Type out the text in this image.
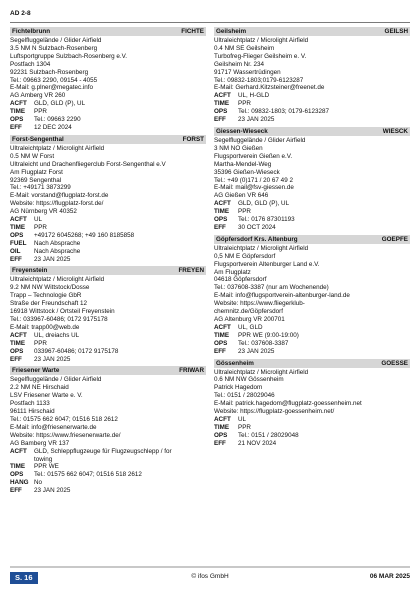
AD 2-8
Fichtelbrunn	FICHTE
Segelfluggelände / Glider Airfield
3.5 NM N Sulzbach-Rosenberg
Luftsportgruppe Sulzbach-Rosenberg e.V.
Postfach 1304
92231 Sulzbach-Rosenberg
Tel.: 09663 2290, 09154 - 4055
E-Mail: g.plner@megatec.info
AG Amberg VR 260
ACFT	GLD, GLD (P), UL
TIME	PPR
OPS	Tel.: 09663 2290
EFF	12 DEC 2024
Forst-Sengenthal	FORST
Ultraleichtplatz / Microlight Airfield
0.5 NM W Forst
Ultraleicht und Drachenfliegerclub Forst-Sengenthal e.V
Am Flugplatz Forst
92369 Sengenthal
Tel.: +49171 3873299
E-Mail: vorstand@flugplatz-forst.de
Website: https://flugplatz-forst.de/
AG Nürnberg VR 40352
ACFT	UL
TIME	PPR
OPS	+49172 6045268; +49 160 8185858
FUEL	Nach Absprache
OIL	Nach Absprache
EFF	23 JAN 2025
Freyenstein	FREYEN
Ultraleichtplatz / Microlight Airfield
9.2 NM NW Wittstock/Dosse
Trapp – Technologie GbR
Straße der Freundschaft 12
16918 Wittstock / Ortsteil Freyenstein
Tel.: 033967-60486; 0172 9175178
E-Mail: trapp00@web.de
ACFT	UL, dreiachs UL
TIME	PPR
OPS	033967-60486; 0172 9175178
EFF	23 JAN 2025
Friesener Warte	FRIWAR
Segelfluggelände / Glider Airfield
2.2 NM NE Hirschaid
LSV Friesener Warte e. V.
Postfach 1133
96111 Hirschaid
Tel.: 01575 662 6047; 01516 518 2612
E-Mail: info@friesenerwarte.de
Website: https://www.friesenerwarte.de/
AG Bamberg VR 137
ACFT	GLD, Schleppflugzeuge für Flugzeugschlepp / for
towing
TIME	PPR WE
OPS	Tel.: 01575 662 6047; 01516 518 2612
HANG No
EFF	23 JAN 2025
Geilsheim	GEILSH
Ultraleichtplatz / Microlight Airfield
0.4 NM SE Geilsheim
Turbofreg-Flieger Geilsheim e. V.
Geilsheim Nr. 234
91717 Wassertrüdingen
Tel.: 09832-1803;0179-6123287
E-Mail: Gerhard.Kitzsteiner@freenet.de
ACFT	UL, H-GLD
TIME	PPR
OPS	Tel.: 09832-1803; 0179-6123287
EFF	23 JAN 2025
Giessen-Wieseck	WIESCK
Segelfluggelände / Glider Airfield
3 NM NO Gießen
Flugsportverein Gießen e.V.
Martha-Mendel-Weg
35396 Gießen-Wieseck
Tel.: +49 (0)171 / 20 67 49 2
E-Mail: mail@fsv-giessen.de
AG Gießen VR 646
ACFT	GLD, GLD (P), UL
TIME	PPR
OPS	Tel.: 0176 87301193
EFF	30 OCT 2024
Göpfersdorf Krs. Altenburg	GOEPFE
Ultraleichtplatz / Microlight Airfield
0,5 NM E Göpfersdorf
Flugsportverein Altenburger Land e.V.
Am Flugplatz
04618 Göpfersdorf
Tel.: 037608-3387 (nur am Wochenende)
E-Mail: info@flugsportverein-altenburger-land.de
Website: https://www.fliegerklub-
chemnitz.de/Göpfersdorf
AG Altenburg VR 200701
ACFT	UL, GLD
TIME	PPR WE (9:00-19:00)
OPS	Tel.: 037608-3387
EFF	23 JAN 2025
Gössenheim	GOESSE
Ultraleichtplatz / Microlight Airfield
0.6 NM NW Gössenheim
Patrick Hagedom
Tel.: 0151 / 28029046
E-Mail: patrick.hagedom@flugplatz-goessenheim.net
Website: https://flugplatz-goessenheim.net/
ACFT	UL
TIME	PPR
OPS	Tel.: 0151 / 28029048
EFF	21 NOV 2024
S. 16	© ifos GmbH	06 MAR 2025
